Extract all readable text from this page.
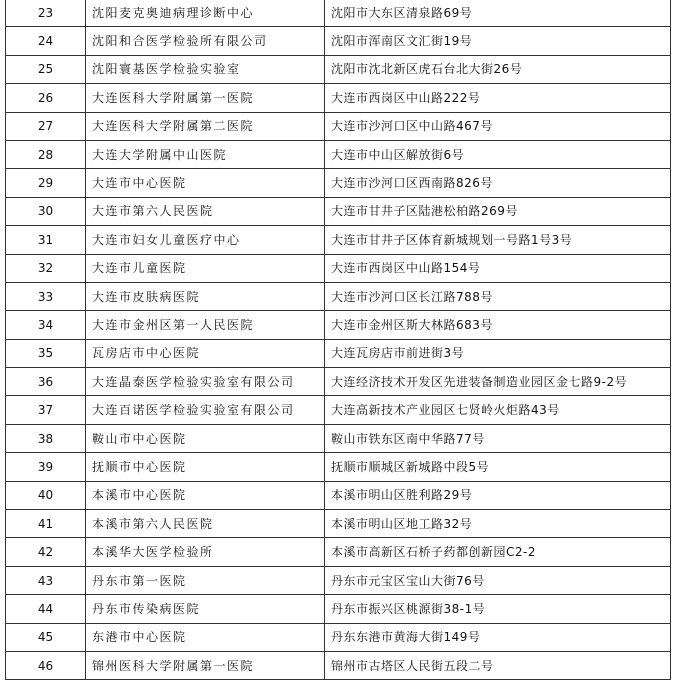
23	沈阳麦克奥迪病理诊断中心	沈阳市大东区清泉路69号
24	沈阳和合医学检验所有限公司	沈阳市浑南区文汇街19号
25	沈阳寰基医学检验实验室	沈阳市沈北新区虎石台北大街26号
26	大连医科大学附属第一医院	大连市西岗区中山路222号
27	大连医科大学附属第二医院	大连市沙河口区中山路467号
28	大连大学附属中山医院	大连市中山区解放街6号
29	大连市中心医院	大连市沙河口区西南路826号
30	大连市第六人民医院	大连市甘井子区陆港松柏路269号
31	大连市妇女儿童医疗中心	大连市甘井子区体育新城规划一号路1号3号
32	大连市儿童医院	大连市西岗区中山路154号
33	大连市皮肤病医院	大连市沙河口区长江路788号
34	大连市金州区第一人民医院	大连市金州区斯大林路683号
35	瓦房店市中心医院	大连瓦房店市前进街3号
36	大连晶泰医学检验实验室有限公司	大连经济技术开发区先进装备制造业园区金七路9-2号
37	大连百诺医学检验实验室有限公司	大连高新技术产业园区七贤岭火炬路43号
38	鞍山市中心医院	鞍山市铁东区南中华路77号
39	抚顺市中心医院	抚顺市顺城区新城路中段5号
40	本溪市中心医院	本溪市明山区胜利路29号
41	本溪市第六人民医院	本溪市明山区地工路32号
42	本溪华大医学检验所	本溪市高新区石桥子药都创新园C2-2
43	丹东市第一医院	丹东市元宝区宝山大街76号
44	丹东市传染病医院	丹东市振兴区桃源街38-1号
45	东港市中心医院	丹东东港市黄海大街149号
46	锦州医科大学附属第一医院	锦州市古塔区人民街五段二号
